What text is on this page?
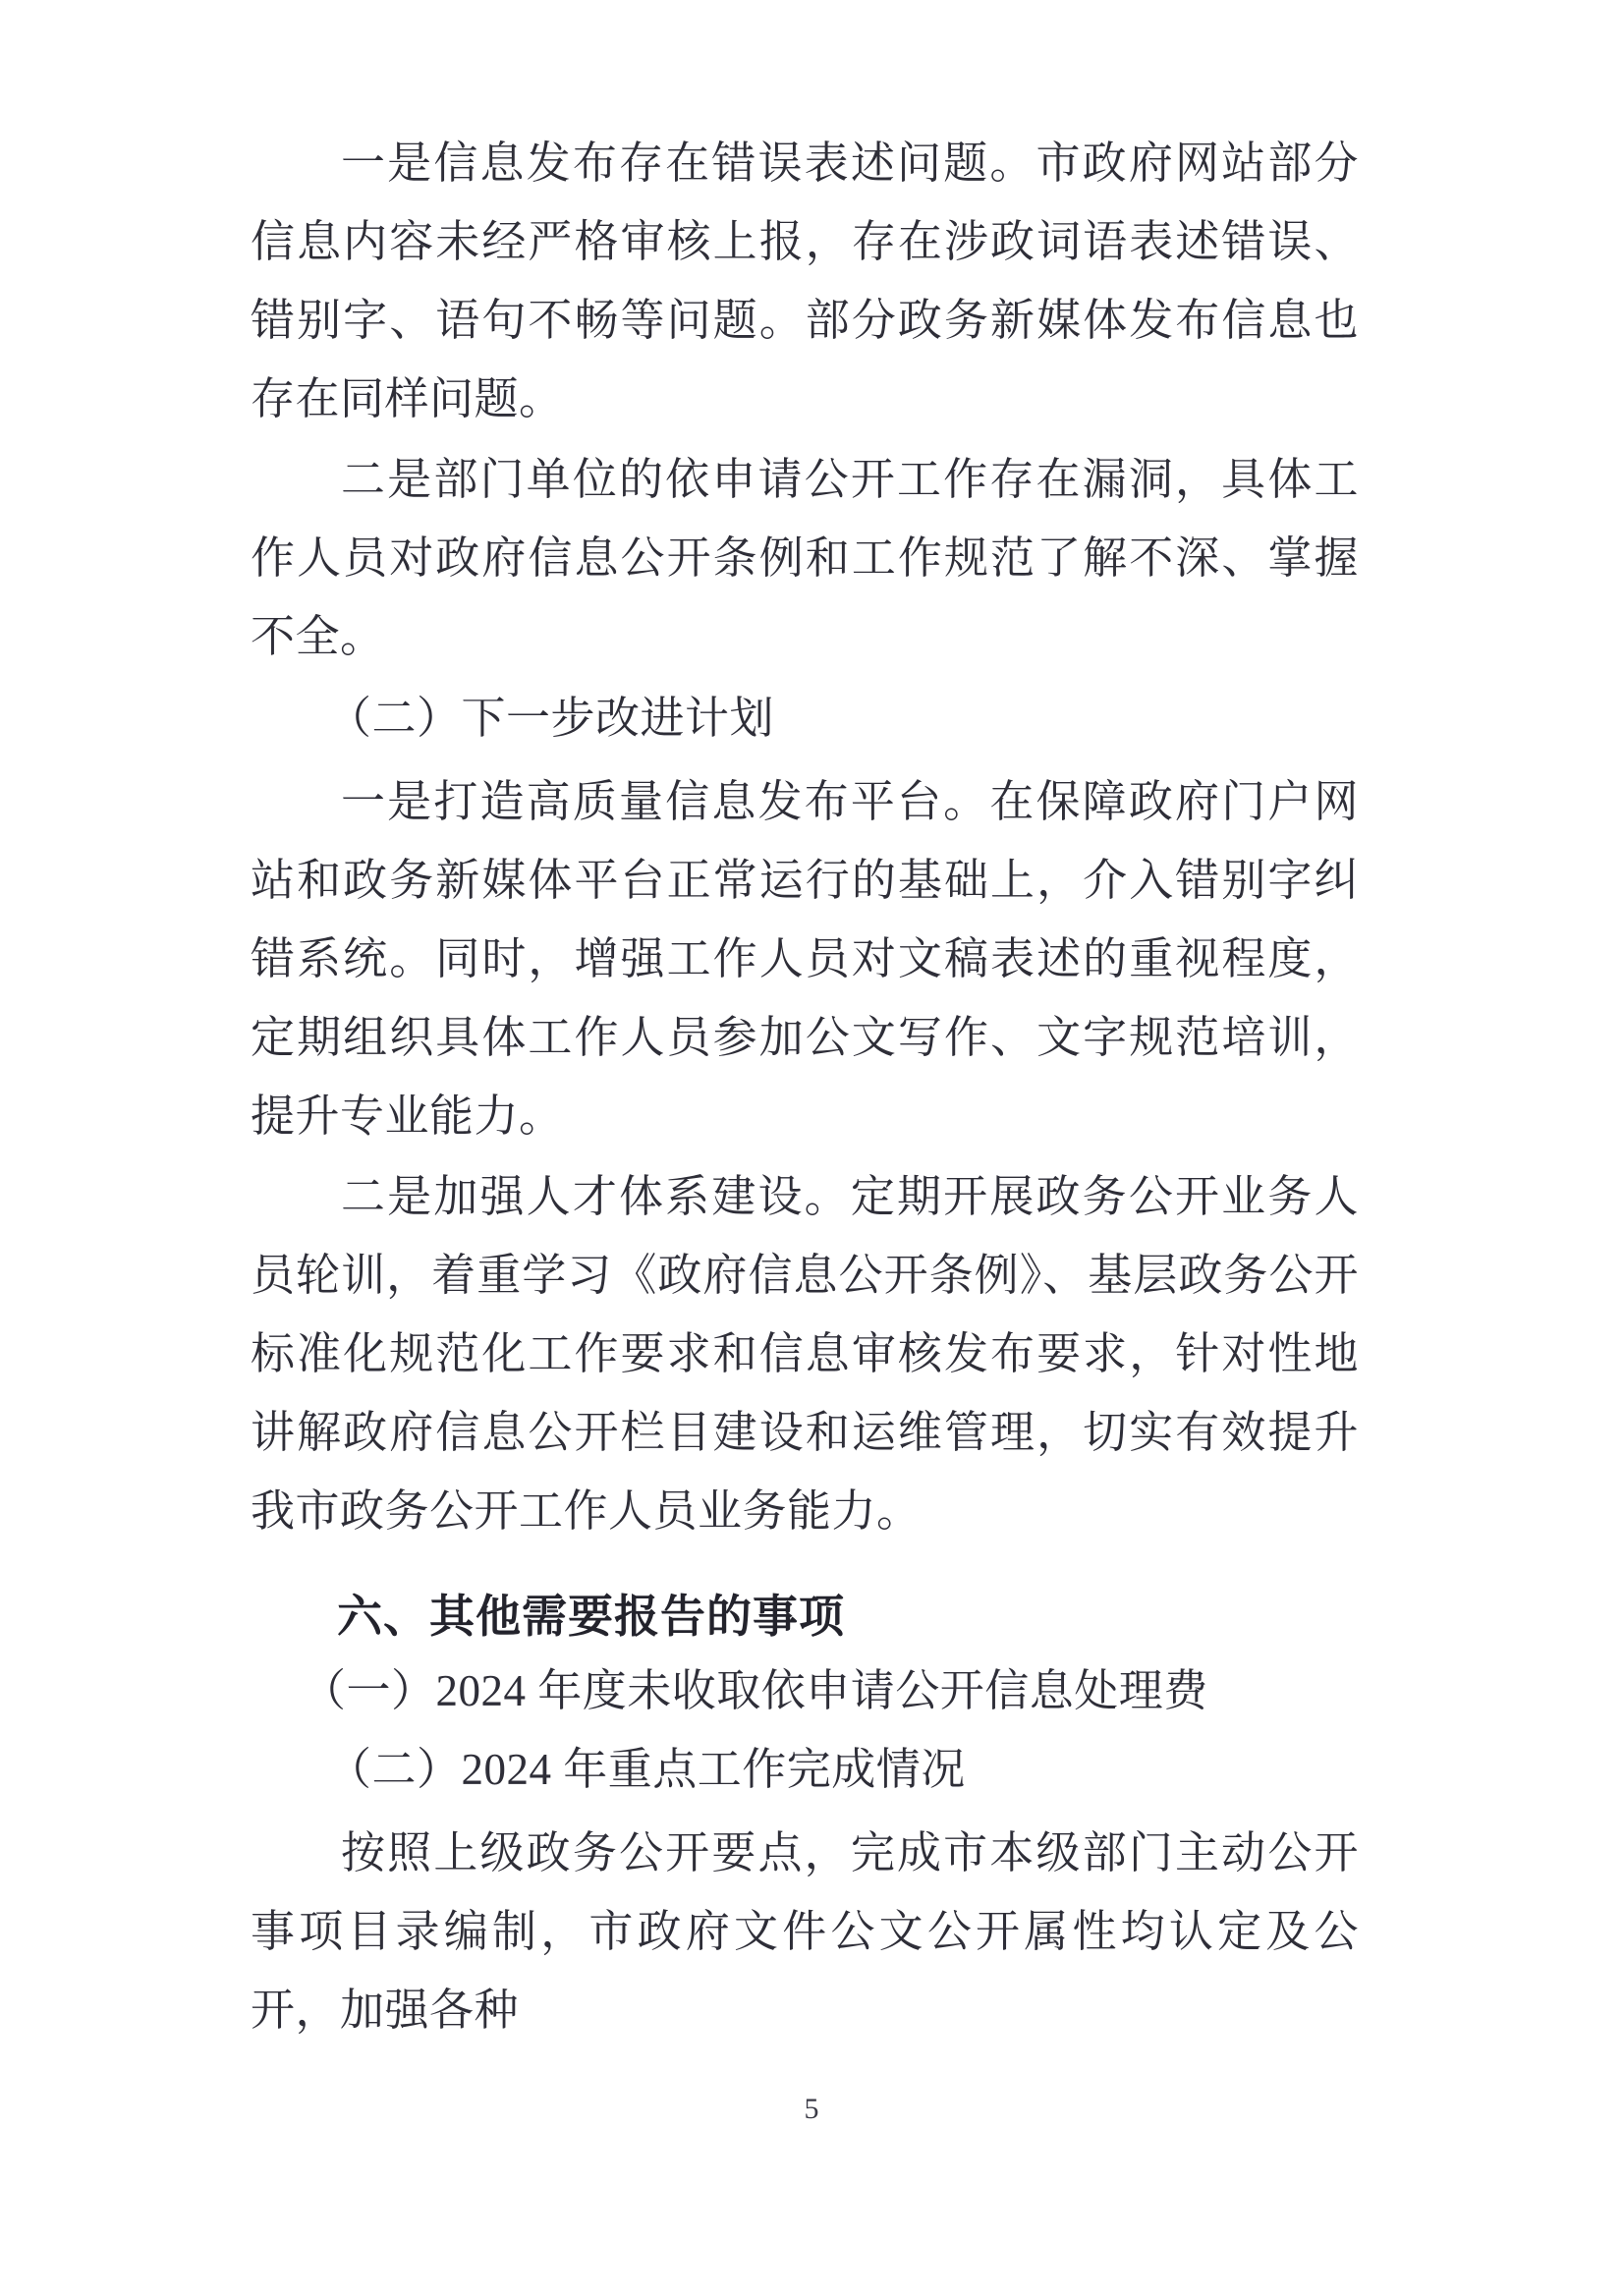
一是信息发布存在错误表述问题。市政府网站部分信息内容未经严格审核上报，存在涉政词语表述错误、错别字、语句不畅等问题。部分政务新媒体发布信息也存在同样问题。

二是部门单位的依申请公开工作存在漏洞，具体工作人员对政府信息公开条例和工作规范了解不深、掌握不全。

（二）下一步改进计划

一是打造高质量信息发布平台。在保障政府门户网站和政务新媒体平台正常运行的基础上，介入错别字纠错系统。同时，增强工作人员对文稿表述的重视程度，定期组织具体工作人员参加公文写作、文字规范培训，提升专业能力。

二是加强人才体系建设。定期开展政务公开业务人员轮训，着重学习《政府信息公开条例》、基层政务公开标准化规范化工作要求和信息审核发布要求，针对性地讲解政府信息公开栏目建设和运维管理，切实有效提升我市政务公开工作人员业务能力。

六、其他需要报告的事项

（一）2024 年度未收取依申请公开信息处理费

（二）2024 年重点工作完成情况

按照上级政务公开要点，完成市本级部门主动公开事项目录编制，市政府文件公文公开属性均认定及公开，加强各种

5
